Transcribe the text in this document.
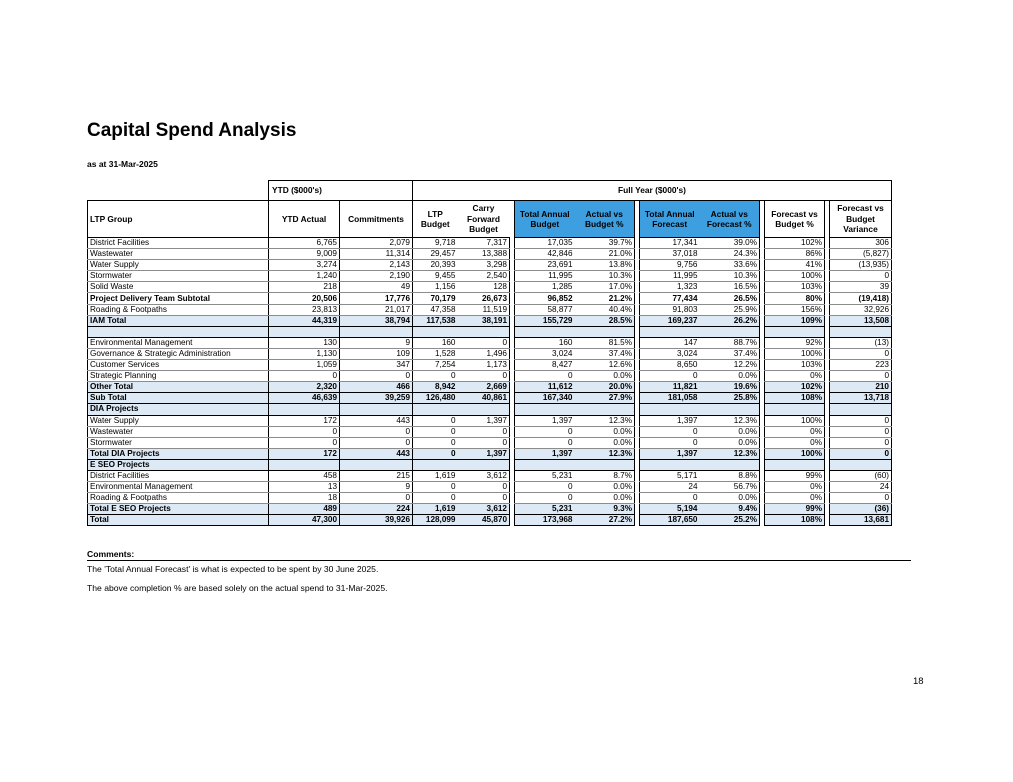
Capital Spend Analysis
as at 31-Mar-2025
	YTD ($000's)		Full Year ($000's)											
LTP Group	YTD Actual	Commitments	LTP Budget	Carry Forward Budget		Total Annual Budget	Actual vs Budget %		Total Annual Forecast	Actual vs Forecast %		Forecast vs Budget %		Forecast vs Budget Variance
District Facilities	6,765	2,079	9,718	7,317		17,035	39.7%		17,341	39.0%		102%		306
Wastewater	9,009	11,314	29,457	13,388		42,846	21.0%		37,018	24.3%		86%		(5,827)
Water Supply	3,274	2,143	20,393	3,298		23,691	13.8%		9,756	33.6%		41%		(13,935)
Stormwater	1,240	2,190	9,455	2,540		11,995	10.3%		11,995	10.3%		100%		0
Solid Waste	218	49	1,156	128		1,285	17.0%		1,323	16.5%		103%		39
Project Delivery Team Subtotal	20,506	17,776	70,179	26,673		96,852	21.2%		77,434	26.5%		80%		(19,418)
Roading & Footpaths	23,813	21,017	47,358	11,519		58,877	40.4%		91,803	25.9%		156%		32,926
IAM Total	44,319	38,794	117,538	38,191		155,729	28.5%		169,237	26.2%		109%		13,508

Environmental Management	130	9	160	0		160	81.5%		147	88.7%		92%		(13)
Governance & Strategic Administration	1,130	109	1,528	1,496		3,024	37.4%		3,024	37.4%		100%		0
Customer Services	1,059	347	7,254	1,173		8,427	12.6%		8,650	12.2%		103%		223
Strategic Planning	0	0	0	0		0	0.0%		0	0.0%		0%		0
Other Total	2,320	466	8,942	2,669		11,612	20.0%		11,821	19.6%		102%		210
Sub Total	46,639	39,259	126,480	40,861		167,340	27.9%		181,058	25.8%		108%		13,718
DIA Projects														
Water Supply	172	443	0	1,397		1,397	12.3%		1,397	12.3%		100%		0
Wastewater	0	0	0	0		0	0.0%		0	0.0%		0%		0
Stormwater	0	0	0	0		0	0.0%		0	0.0%		0%		0
Total DIA Projects	172	443	0	1,397		1,397	12.3%		1,397	12.3%		100%		0
E SEO Projects														
District Facilities	458	215	1,619	3,612		5,231	8.7%		5,171	8.8%		99%		(60)
Environmental Management	13	9	0	0		0	0.0%		24	56.7%		0%		24
Roading & Footpaths	18	0	0	0		0	0.0%		0	0.0%		0%		0
Total E SEO Projects	489	224	1,619	3,612		5,231	9.3%		5,194	9.4%		99%		(36)
Total	47,300	39,926	128,099	45,870		173,968	27.2%		187,650	25.2%		108%		13,681
Comments:
The 'Total Annual Forecast' is what is expected to be spent by 30 June 2025.
The above completion % are based solely on the actual spend to 31-Mar-2025.
18
